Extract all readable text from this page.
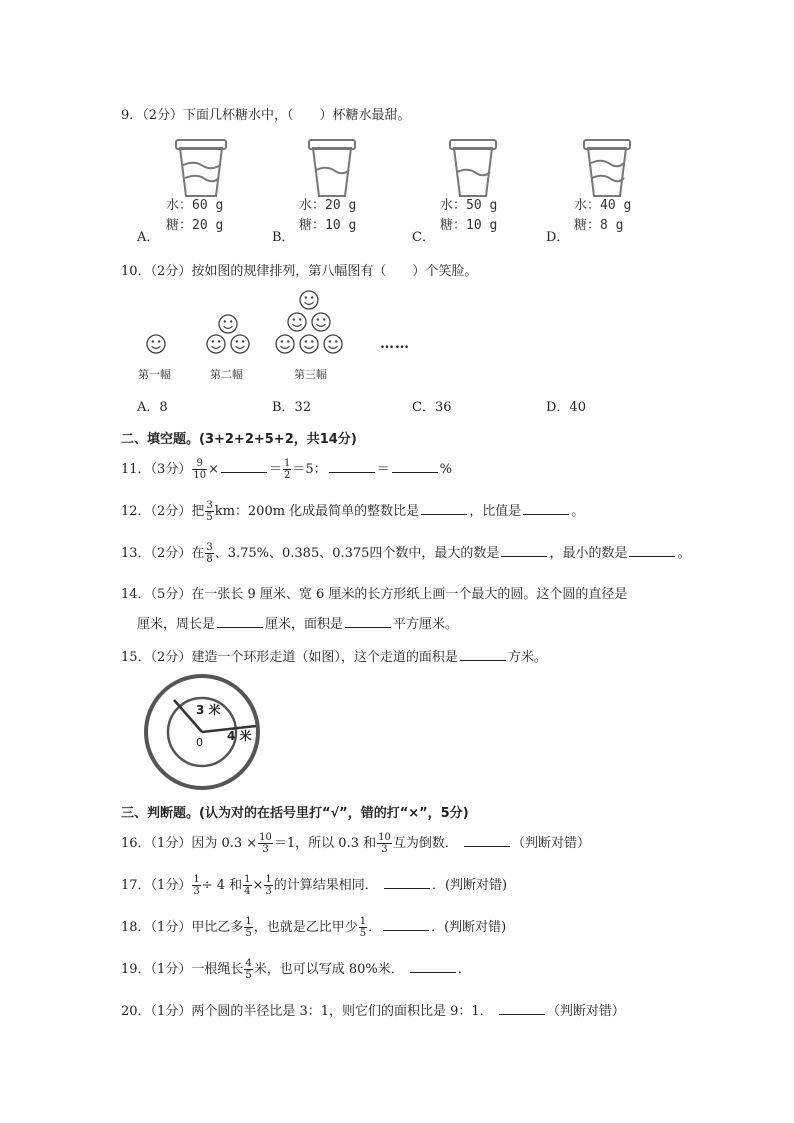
9．（2分）下面几杯糖水中，（　　）杯糖水最甜。
A．
水：60 g
糖：20 g
B．
水：20 g
糖：10 g
C．
水：50 g
糖：10 g
D．
水：40 g
糖：8 g
10．（2分）按如图的规律排列，第八幅图有（　　）个笑脸。
……
第一幅	第二幅	第三幅
A．8	B．32	C．36	D．40
二、填空题。(3+2+2+5+2，共14分)
11．（3分） $\frac{9}{10}$ ×	＝ $\frac{1}{2} =5$：	＝	%
12．（2分）把 $\frac{3}{5}$ km：200m 化成最简单的整数比是	，比值是	。
13．（2分）在 $\frac{3}{8}$ 、3.75%、0.385、0.375四个数中，最大的数是	，最小的数是	。
14．（5分）在一张长 9 厘米、宽 6 厘米的长方形纸上画一个最大的圆。这个圆的直径是
厘米，周长是	厘米，面积是	平方厘米。
15．（2分）建造一个环形走道（如图），这个走道的面积是	方米。
3 米
4 米
0
三、判断题。(认为对的在括号里打“√”，错的打“×”，5分)
16．（1分）因为 $0.3 \times \frac{10}{3} =1$，所以 0.3 和 $\frac{10}{3}$ 互为倒数．	（判断对错）
17．（1分） $\frac{1}{3} \div 4$ 和 $\frac{1}{4} \times \frac{1}{3}$ 的计算结果相同．	．(判断对错)
18．（1分）甲比乙多 $\frac{1}{5}$ ，也就是乙比甲少 $\frac{1}{5}$ ．	．(判断对错)
19．（1分）一根绳长 $\frac{4}{5}$ 米，也可以写成 80%米．	．
20．（1分）两个圆的半径比是 3：1，则它们的面积比是 9：1．	（判断对错）
